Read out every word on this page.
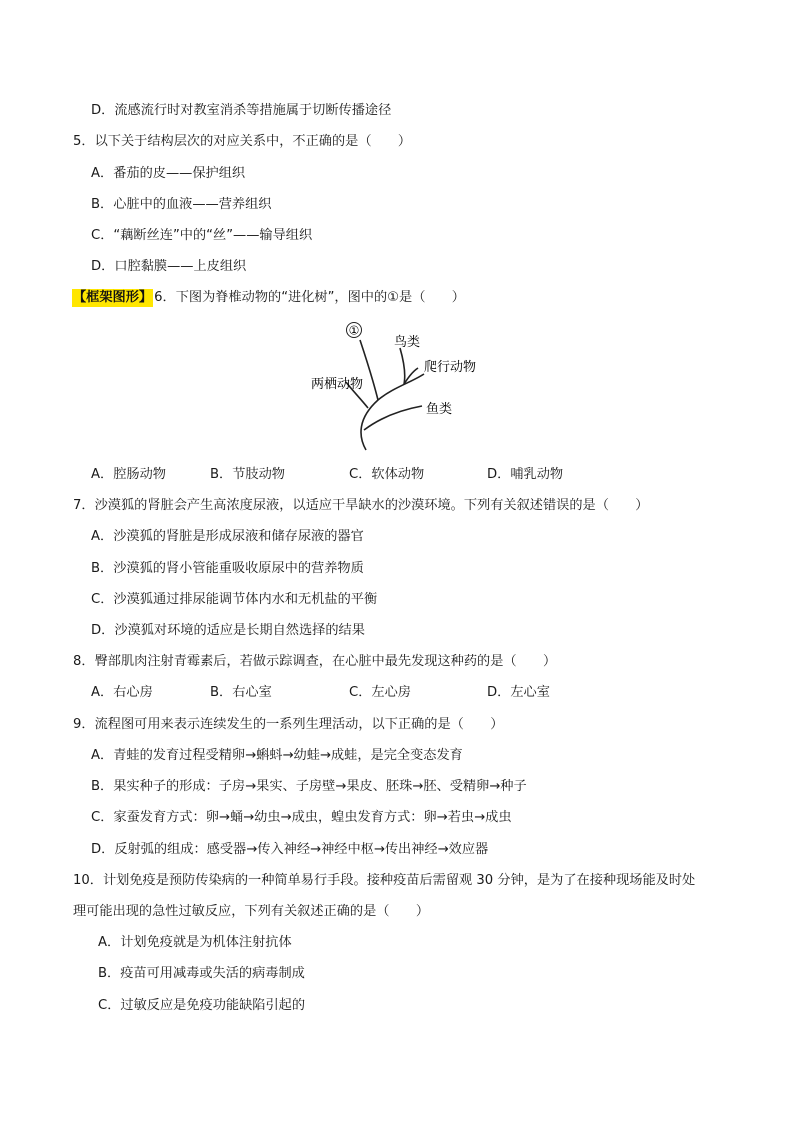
D．流感流行时对教室消杀等措施属于切断传播途径
5．以下关于结构层次的对应关系中，不正确的是（　　）
A．番茄的皮——保护组织
B．心脏中的血液——营养组织
C．“藕断丝连”中的“丝”——输导组织
D．口腔黏膜——上皮组织
【框架图形】 6．下图为脊椎动物的“进化树”，图中的①是（　　）
①
鸟类
爬行动物
两栖动物
鱼类
A．腔肠动物	B．节肢动物	C．软体动物	D．哺乳动物
7．沙漠狐的肾脏会产生高浓度尿液，以适应干旱缺水的沙漠环境。下列有关叙述错误的是（　　）
A．沙漠狐的肾脏是形成尿液和储存尿液的器官
B．沙漠狐的肾小管能重吸收原尿中的营养物质
C．沙漠狐通过排尿能调节体内水和无机盐的平衡
D．沙漠狐对环境的适应是长期自然选择的结果
8．臀部肌肉注射青霉素后，若做示踪调查，在心脏中最先发现这种药的是（　　）
A．右心房	B．右心室	C．左心房	D．左心室
9．流程图可用来表示连续发生的一系列生理活动，以下正确的是（　　）
A．青蛙的发育过程受精卵→蝌蚪→幼蛙→成蛙，是完全变态发育
B．果实种子的形成：子房→果实、子房壁→果皮、胚珠→胚、受精卵→种子
C．家蚕发育方式：卵→蛹→幼虫→成虫，蝗虫发育方式：卵→若虫→成虫
D．反射弧的组成：感受器→传入神经→神经中枢→传出神经→效应器
10．计划免疫是预防传染病的一种简单易行手段。接种疫苗后需留观 30 分钟，是为了在接种现场能及时处
理可能出现的急性过敏反应，下列有关叙述正确的是（　　）
A．计划免疫就是为机体注射抗体
B．疫苗可用减毒或失活的病毒制成
C．过敏反应是免疫功能缺陷引起的
